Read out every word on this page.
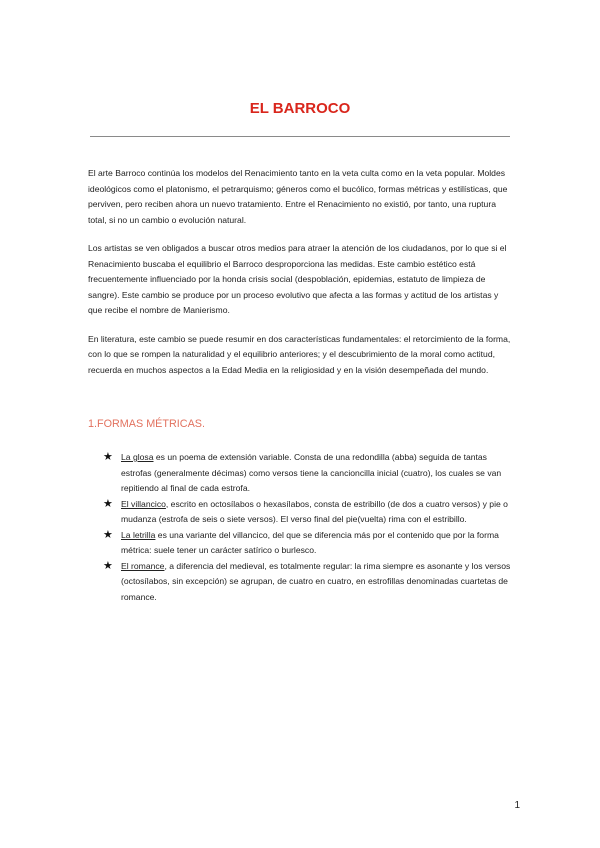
EL BARROCO

El arte Barroco continúa los modelos del Renacimiento tanto en la veta culta como en la veta popular. Moldes ideológicos como el platonismo, el petrarquismo; géneros como el bucólico, formas métricas y estilísticas, que perviven, pero reciben ahora un nuevo tratamiento. Entre el Renacimiento no existió, por tanto, una ruptura total, si no un cambio o evolución natural.

Los artistas se ven obligados a buscar otros medios para atraer la atención de los ciudadanos, por lo que si el Renacimiento buscaba el equilibrio el Barroco desproporciona las medidas. Este cambio estético está frecuentemente influenciado por la honda crisis social (despoblación, epidemias, estatuto de limpieza de sangre). Este cambio se produce por un proceso evolutivo que afecta a las formas y actitud de los artistas y que recibe el nombre de Manierismo.

En literatura, este cambio se puede resumir en dos características fundamentales: el retorcimiento de la forma, con lo que se rompen la naturalidad y el equilibrio anteriores; y el descubrimiento de la moral como actitud, recuerda en muchos aspectos a la Edad Media en la religiosidad y en la visión desempeñada del mundo.

1.FORMAS MÉTRICAS.
★ La glosa es un poema de extensión variable. Consta de una redondilla (abba) seguida de tantas estrofas (generalmente décimas) como versos tiene la cancioncilla inicial (cuatro), los cuales se van repitiendo al final de cada estrofa.
★ El villancico, escrito en octosílabos o hexasílabos, consta de estribillo (de dos a cuatro versos) y pie o mudanza (estrofa de seis o siete versos). El verso final del pie(vuelta) rima con el estribillo.
★ La letrilla es una variante del villancico, del que se diferencia más por el contenido que por la forma métrica: suele tener un carácter satírico o burlesco.
★ El romance, a diferencia del medieval, es totalmente regular: la rima siempre es asonante y los versos (octosílabos, sin excepción) se agrupan, de cuatro en cuatro, en estrofillas denominadas cuartetas de romance.
1
